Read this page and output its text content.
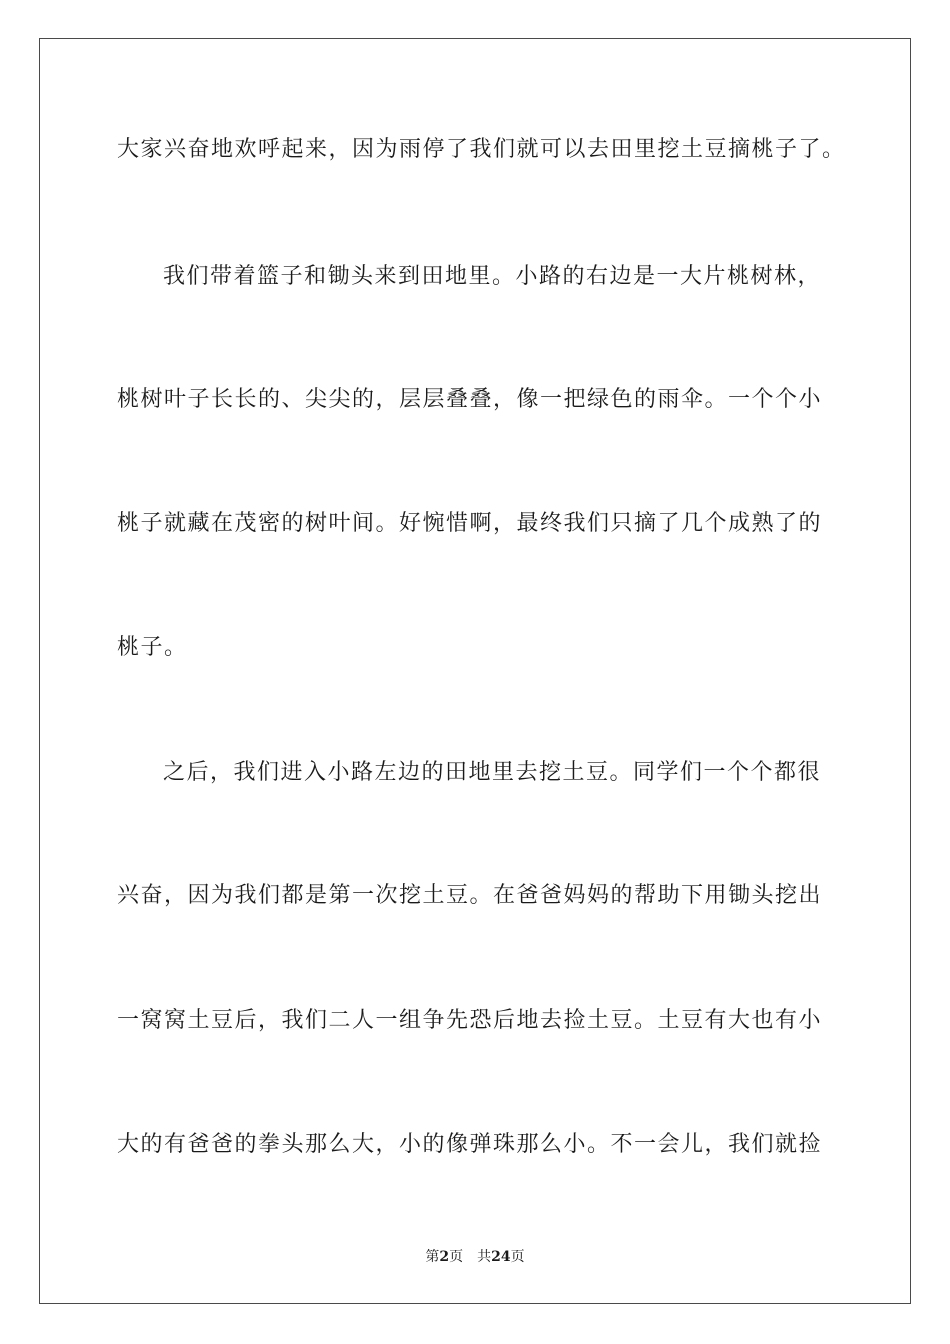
大家兴奋地欢呼起来，因为雨停了我们就可以去田里挖土豆摘桃子了。
我们带着篮子和锄头来到田地里。小路的右边是一大片桃树林，
桃树叶子长长的、尖尖的，层层叠叠，像一把绿色的雨伞。一个个小
桃子就藏在茂密的树叶间。好惋惜啊，最终我们只摘了几个成熟了的
桃子。
之后，我们进入小路左边的田地里去挖土豆。同学们一个个都很
兴奋，因为我们都是第一次挖土豆。在爸爸妈妈的帮助下用锄头挖出
一窝窝土豆后，我们二人一组争先恐后地去捡土豆。土豆有大也有小
大的有爸爸的拳头那么大，小的像弹珠那么小。不一会儿，我们就捡
第2页 共24页
